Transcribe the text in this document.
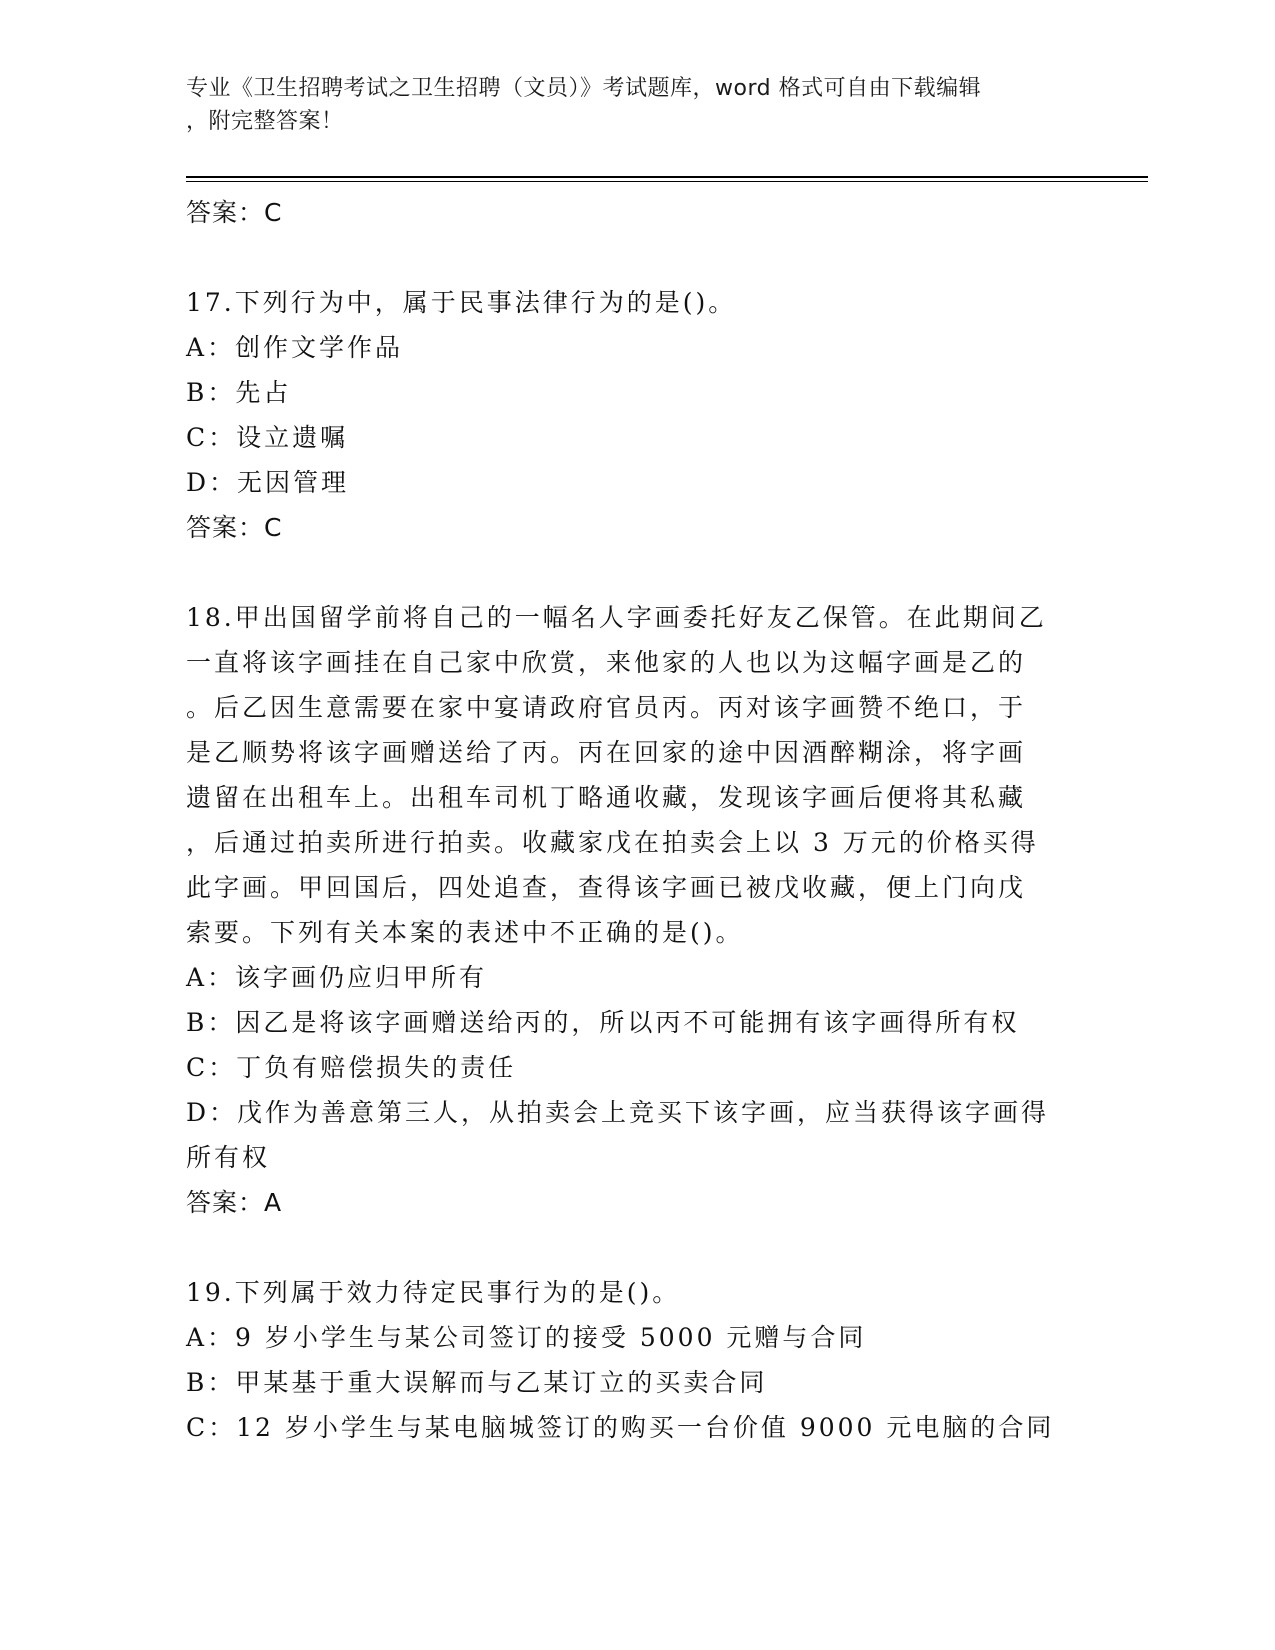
专业《卫生招聘考试之卫生招聘（文员）》考试题库，word 格式可自由下载编辑
，附完整答案！
答案：C
17.下列行为中，属于民事法律行为的是()。
A：创作文学作品
B：先占
C：设立遗嘱
D：无因管理
答案：C
18.甲出国留学前将自己的一幅名人字画委托好友乙保管。在此期间乙
一直将该字画挂在自己家中欣赏，来他家的人也以为这幅字画是乙的
。后乙因生意需要在家中宴请政府官员丙。丙对该字画赞不绝口，于
是乙顺势将该字画赠送给了丙。丙在回家的途中因酒醉糊涂，将字画
遗留在出租车上。出租车司机丁略通收藏，发现该字画后便将其私藏
，后通过拍卖所进行拍卖。收藏家戊在拍卖会上以 3 万元的价格买得
此字画。甲回国后，四处追查，查得该字画已被戊收藏，便上门向戊
索要。下列有关本案的表述中不正确的是()。
A：该字画仍应归甲所有
B：因乙是将该字画赠送给丙的，所以丙不可能拥有该字画得所有权
C：丁负有赔偿损失的责任
D：戊作为善意第三人，从拍卖会上竞买下该字画，应当获得该字画得
所有权
答案：A
19.下列属于效力待定民事行为的是()。
A：9 岁小学生与某公司签订的接受 5000 元赠与合同
B：甲某基于重大误解而与乙某订立的买卖合同
C：12 岁小学生与某电脑城签订的购买一台价值 9000 元电脑的合同
